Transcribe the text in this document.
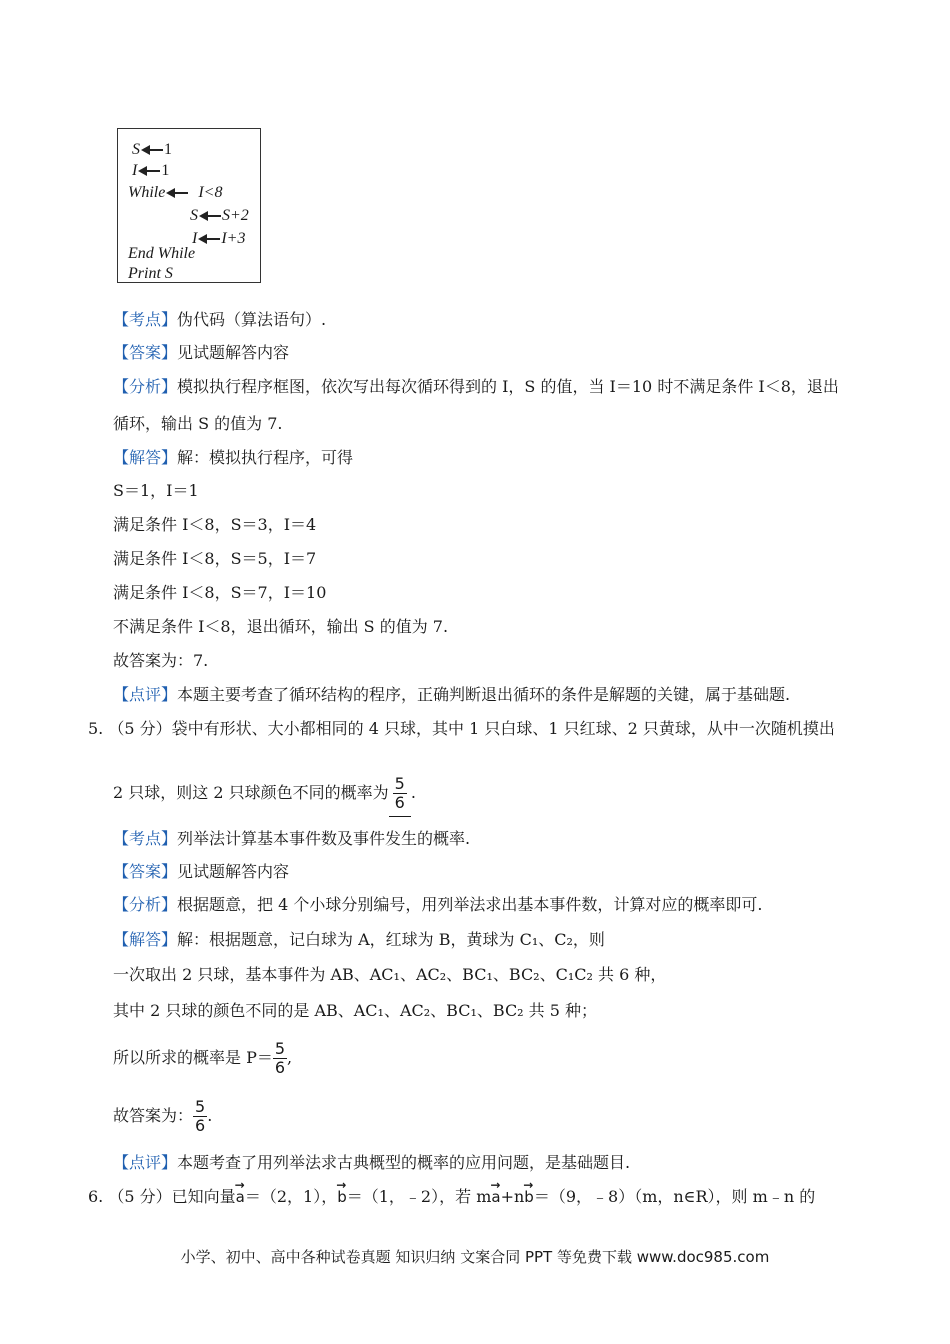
S 1
I 1
While I<8
S S+2
I I+3
End While
Print S
【考点】伪代码（算法语句）.
【答案】见试题解答内容
【分析】模拟执行程序框图，依次写出每次循环得到的 I，S 的值，当 I＝10 时不满足条件 I＜8，退出
循环，输出 S 的值为 7.
【解答】解：模拟执行程序，可得
S＝1，I＝1
满足条件 I＜8，S＝3，I＝4
满足条件 I＜8，S＝5，I＝7
满足条件 I＜8，S＝7，I＝10
不满足条件 I＜8，退出循环，输出 S 的值为 7.
故答案为：7.
【点评】本题主要考查了循环结构的程序，正确判断退出循环的条件是解题的关键，属于基础题.
5. （5 分）袋中有形状、大小都相同的 4 只球，其中 1 只白球、1 只红球、2 只黄球，从中一次随机摸出
2 只球，则这 2 只球颜色不同的概率为 $\frac{5}{6}$ .
【考点】列举法计算基本事件数及事件发生的概率.
【答案】见试题解答内容
【分析】根据题意，把 4 个小球分别编号，用列举法求出基本事件数，计算对应的概率即可.
【解答】解：根据题意，记白球为 A，红球为 B，黄球为 C₁、C₂，则
一次取出 2 只球，基本事件为 AB、AC₁、AC₂、BC₁、BC₂、C₁C₂ 共 6 种，
其中 2 只球的颜色不同的是 AB、AC₁、AC₂、BC₁、BC₂ 共 5 种；
所以所求的概率是 $P= \frac{5}{6}$ ,
故答案为： $\frac{5}{6}$ .
【点评】本题考查了用列举法求古典概型的概率的应用问题，是基础题目.
6. （5 分）已知向量→ a＝（2，1），→ b＝（1，﹣2），若 m→ a+n→ b＝（9，﹣8）（m，n∈R），则 m﹣n 的
小学、初中、高中各种试卷真题 知识归纳 文案合同 PPT 等免费下载 www.doc985.com
